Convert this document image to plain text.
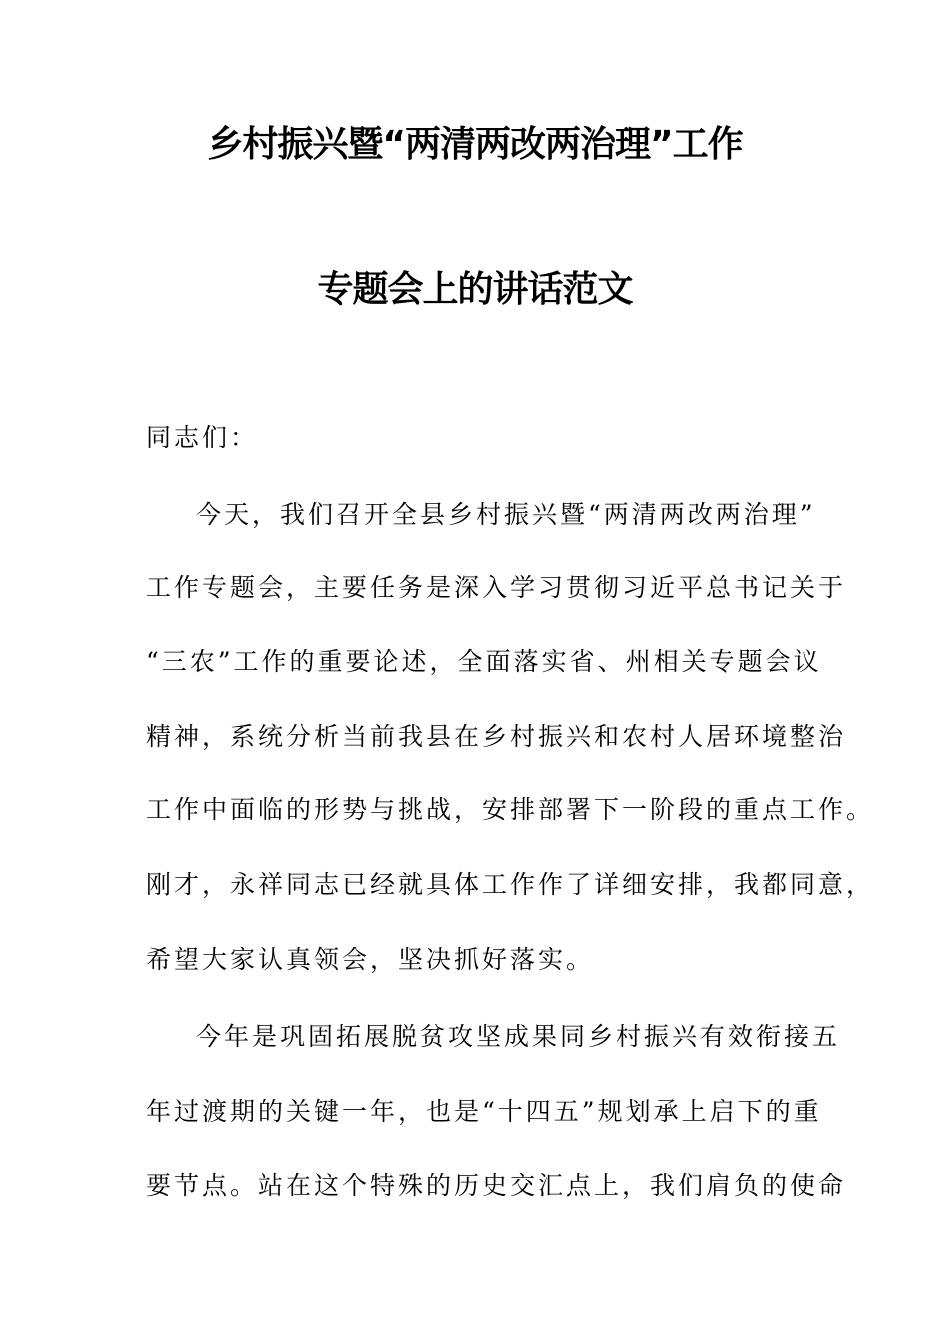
乡村振兴暨“两清两改两治理”工作
专题会上的讲话范文
同志们：
今天，我们召开全县乡村振兴暨“两清两改两治理”
工作专题会，主要任务是深入学习贯彻习近平总书记关于
“三农”工作的重要论述，全面落实省、州相关专题会议
精神，系统分析当前我县在乡村振兴和农村人居环境整治
工作中面临的形势与挑战，安排部署下一阶段的重点工作。
刚才，永祥同志已经就具体工作作了详细安排，我都同意，
希望大家认真领会，坚决抓好落实。
今年是巩固拓展脱贫攻坚成果同乡村振兴有效衔接五
年过渡期的关键一年，也是“十四五”规划承上启下的重
要节点。站在这个特殊的历史交汇点上，我们肩负的使命
